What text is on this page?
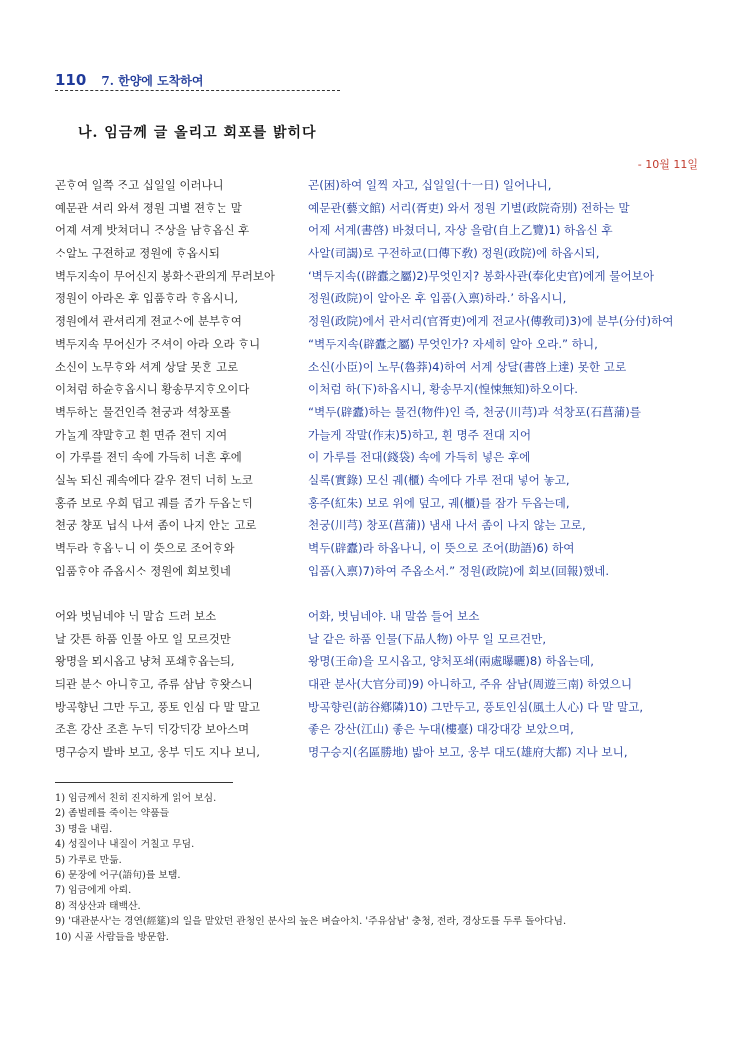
110 7. 한양에 도착하여
나. 임금께 글 올리고 회포를 밝히다
- 10월 11일
곤ᄒᆞ여 일쯕 ᄌᆞ고 십일일 이러나니	곤(困)하여 일찍 자고, 십일일(十一日) 일어나니,
예문관 셔리 와셔 졍원 긔별 젼ᄒᆞᄂᆞᆫ 말	예문관(藝文館) 서리(胥吏) 와서 정원 기별(政院奇別) 전하는 말
어졔 셔계 밧쳐더니 ᄌᆞ상을 남ᄒᆞ옵신 후	어제 서계(書啓) 바쳤더니, 자상 을람(自上乙覽)1) 하옵신 후
ᄉᆞ알노 구젼하교 졍원에 ᄒᆞ옵시되	사알(司謁)로 구전하교(口傳下敎) 정원(政院)에 하옵시되,
벽두지속이 무어신지 봉화ᄉᆞ관의게 무러보아	‘벽두지속((辟蠹之屬)2)무엇인지? 봉화사관(奉化史官)에게 물어보아
졍원이 아라온 후 입품ᄒᆞ라 ᄒᆞ옵시니,	정원(政院)이 알아온 후 입품(入禀)하라.’ 하옵시니,
졍원에셔 관셔리게 젼교ᄉᆞ에 분부ᄒᆞ여	정원(政院)에서 관서리(官胥吏)에게 전교사(傳敎司)3)에 분부(分付)하여
벽두지속 무어신가 ᄌᆞ셔이 아라 오라 ᄒᆞ니	“벽두지속(辟蠹之屬) 무엇인가? 자세히 알아 오라.” 하니,
소신이 노무ᄒᆞ와 셔계 상달 못ᄒᆞᆫ 고로	소신(小臣)이 노무(魯莽)4)하여 서계 상달(書啓上達) 못한 고로
이쳐럼 하슌ᄒᆞ옵시니 황송무지ᄒᆞ오이다	이처럼 하(下)하옵시니, 황송무지(惶悚無知)하오이다.
벽두하ᄂᆞᆫ 물건인즉 쳔궁과 셕창포롤	“벽두(辟蠹)하는 물건(物件)인 즉, 천궁(川芎)과 석창포(石菖蒲)를
가ᄂᆞᆯ게 쟉말ᄒᆞ고 흰 면쥬 젼ᄃᆡ 지여	가늘게 작말(作末)5)하고, 흰 명주 전대 지어
이 가루를 젼ᄃᆡ 속에 가득히 너흔 후에	이 가루를 전대(錢袋) 속에 가득히 넣은 후에
실녹 되신 궤속에다 갈우 젼ᄃᆡ 너히 노코	실록(實錄) 모신 궤(櫃) 속에다 가루 전대 넣어 놓고,
홍쥬 보로 우희 덥고 궤를 ᄌᆞᆷ가 두옵ᄂᆞᆫᄃᆡ	홍주(紅朱) 보로 위에 덮고, 궤(櫃)를 잠가 두옵는데,
쳔궁 챵포 닙식 나셔 좀이 나지 안ᄂᆞᆫ 고로	천궁(川芎) 창포(菖蒲)) 냄새 나서 좀이 나지 않는 고로,
벽두라 ᄒᆞ옵ᄂᆞ니 이 ᄯᅳᆺ으로 조어ᄒᆞ와	벽두(辟蠹)라 하옵나니, 이 뜻으로 조어(助語)6) 하여
입품ᄒᆞ야 쥬옵시ᄉᆞ 졍원에 회보ᄒᆡᆺ네	입품(入禀)7)하여 주옵소서.” 정원(政院)에 회보(回報)했네.
어와 벗님네야 ᄂᆡ 말ᄉᆞᆷ 드러 보소	어화, 벗님네야. 내 말씀 들어 보소
날 갓튼 하품 인물 아모 일 모르것만	날 같은 하품 인물(下品人物) 아무 일 모르건만,
왕명을 뫼시옵고 냥쳐 포쇄ᄒᆞ옵는듸,	왕명(王命)을 모시옵고, 양처포쇄(兩處曝曬)8) 하옵는데,
듸관 분ᄉᆞ 아니ᄒᆞ고, 쥬류 삼남 ᄒᆞ왓스니	대관 분사(大官分司)9) 아니하고, 주유 삼남(周遊三南) 하였으니
방곡향닌 그만 두고, 풍토 인심 다 말 말고	방곡향린(訪谷鄕隣)10) 그만두고, 풍토인심(風土人心) 다 말 말고,
조흔 강산 조흔 누ᄃᆡ ᄃᆡ강ᄃᆡ강 보아스며	좋은 강산(江山) 좋은 누대(樓臺) 대강대강 보았으며,
명구승지 발바 보고, 웅부 ᄃᆡ도 지나 보니,	명구승지(名區勝地) 밟아 보고, 웅부 대도(雄府大都) 지나 보니,
1) 임금께서 친히 진지하게 읽어 보심.
2) 좀벌레를 죽이는 약품들
3) 명을 내림.
4) 성질이나 내질이 거칠고 무딤.
5) 가루로 만듦.
6) 문장에 어구(語句)를 보탬.
7) 임금에게 아뢰.
8) 적상산과 태백산.
9) '대관분사'는 경연(經筵)의 일을 맡았던 관청인 분사의 높은 벼슬아치. '주유삼남' 충청, 전라, 경상도를 두루 돌아다님.
10) 시골 사람들을 방문함.
